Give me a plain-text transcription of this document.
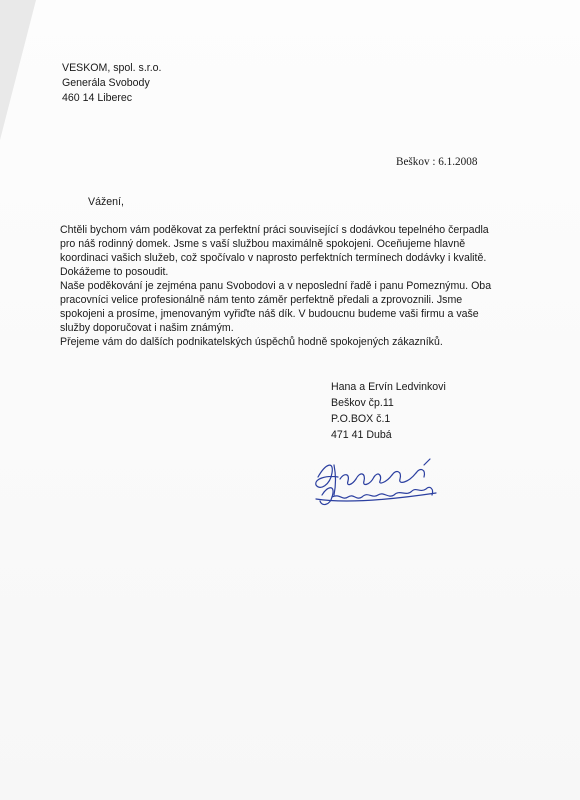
VESKOM, spol. s.r.o.
Generála Svobody
460 14 Liberec
Beškov : 6.1.2008
Vážení,
Chtěli bychom vám poděkovat za perfektní práci související s dodávkou tepelného čerpadla
pro náš rodinný domek. Jsme s vaší službou maximálně spokojeni. Oceňujeme hlavně
koordinaci vašich služeb, což spočívalo v naprosto perfektních termínech dodávky i kvalitě.
Dokážeme to posoudit.
Naše poděkování je zejména panu Svobodovi a v neposlední řadě i panu Pomeznýmu. Oba
pracovníci velice profesionálně nám tento záměr perfektně předali a zprovoznili. Jsme
spokojeni a prosíme, jmenovaným vyřiďte náš dík. V budoucnu budeme vaši firmu a vaše
služby doporučovat i našim známým.
Přejeme vám do dalších podnikatelských úspěchů hodně spokojených zákazníků.
Hana a Ervín Ledvinkovi
Beškov čp.11
P.O.BOX č.1
471 41 Dubá
